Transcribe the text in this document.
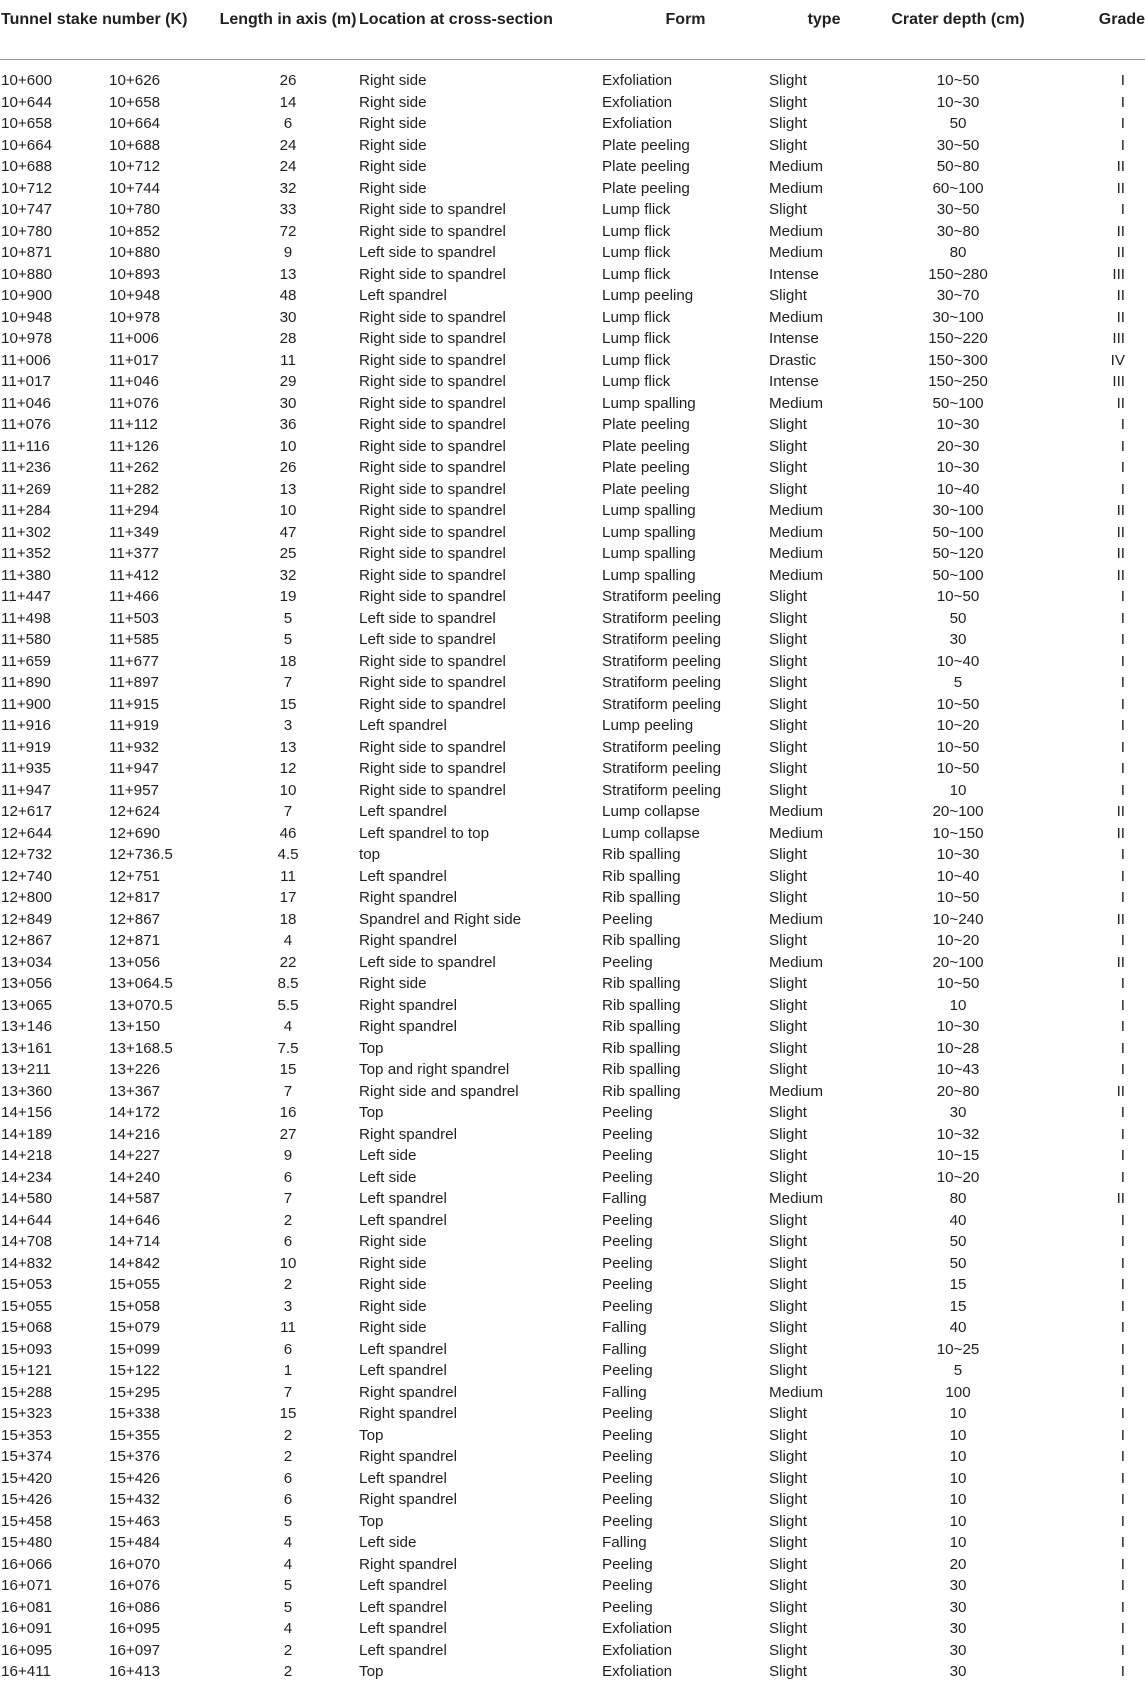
Tunnel stake number (K)		Length in axis (m)	Location at cross-section	Form	type	Crater depth (cm)	Grade
10+600	10+626	26	Right side	Exfoliation	Slight	10~50	I
10+644	10+658	14	Right side	Exfoliation	Slight	10~30	I
10+658	10+664	6	Right side	Exfoliation	Slight	50	I
10+664	10+688	24	Right side	Plate peeling	Slight	30~50	I
10+688	10+712	24	Right side	Plate peeling	Medium	50~80	II
10+712	10+744	32	Right side	Plate peeling	Medium	60~100	II
10+747	10+780	33	Right side to spandrel	Lump flick	Slight	30~50	I
10+780	10+852	72	Right side to spandrel	Lump flick	Medium	30~80	II
10+871	10+880	9	Left side to spandrel	Lump flick	Medium	80	II
10+880	10+893	13	Right side to spandrel	Lump flick	Intense	150~280	III
10+900	10+948	48	Left spandrel	Lump peeling	Slight	30~70	II
10+948	10+978	30	Right side to spandrel	Lump flick	Medium	30~100	II
10+978	11+006	28	Right side to spandrel	Lump flick	Intense	150~220	III
11+006	11+017	11	Right side to spandrel	Lump flick	Drastic	150~300	IV
11+017	11+046	29	Right side to spandrel	Lump flick	Intense	150~250	III
11+046	11+076	30	Right side to spandrel	Lump spalling	Medium	50~100	II
11+076	11+112	36	Right side to spandrel	Plate peeling	Slight	10~30	I
11+116	11+126	10	Right side to spandrel	Plate peeling	Slight	20~30	I
11+236	11+262	26	Right side to spandrel	Plate peeling	Slight	10~30	I
11+269	11+282	13	Right side to spandrel	Plate peeling	Slight	10~40	I
11+284	11+294	10	Right side to spandrel	Lump spalling	Medium	30~100	II
11+302	11+349	47	Right side to spandrel	Lump spalling	Medium	50~100	II
11+352	11+377	25	Right side to spandrel	Lump spalling	Medium	50~120	II
11+380	11+412	32	Right side to spandrel	Lump spalling	Medium	50~100	II
11+447	11+466	19	Right side to spandrel	Stratiform peeling	Slight	10~50	I
11+498	11+503	5	Left side to spandrel	Stratiform peeling	Slight	50	I
11+580	11+585	5	Left side to spandrel	Stratiform peeling	Slight	30	I
11+659	11+677	18	Right side to spandrel	Stratiform peeling	Slight	10~40	I
11+890	11+897	7	Right side to spandrel	Stratiform peeling	Slight	5	I
11+900	11+915	15	Right side to spandrel	Stratiform peeling	Slight	10~50	I
11+916	11+919	3	Left spandrel	Lump peeling	Slight	10~20	I
11+919	11+932	13	Right side to spandrel	Stratiform peeling	Slight	10~50	I
11+935	11+947	12	Right side to spandrel	Stratiform peeling	Slight	10~50	I
11+947	11+957	10	Right side to spandrel	Stratiform peeling	Slight	10	I
12+617	12+624	7	Left spandrel	Lump collapse	Medium	20~100	II
12+644	12+690	46	Left spandrel to top	Lump collapse	Medium	10~150	II
12+732	12+736.5	4.5	top	Rib spalling	Slight	10~30	I
12+740	12+751	11	Left spandrel	Rib spalling	Slight	10~40	I
12+800	12+817	17	Right spandrel	Rib spalling	Slight	10~50	I
12+849	12+867	18	Spandrel and Right side	Peeling	Medium	10~240	II
12+867	12+871	4	Right spandrel	Rib spalling	Slight	10~20	I
13+034	13+056	22	Left side to spandrel	Peeling	Medium	20~100	II
13+056	13+064.5	8.5	Right side	Rib spalling	Slight	10~50	I
13+065	13+070.5	5.5	Right spandrel	Rib spalling	Slight	10	I
13+146	13+150	4	Right spandrel	Rib spalling	Slight	10~30	I
13+161	13+168.5	7.5	Top	Rib spalling	Slight	10~28	I
13+211	13+226	15	Top and right spandrel	Rib spalling	Slight	10~43	I
13+360	13+367	7	Right side and spandrel	Rib spalling	Medium	20~80	II
14+156	14+172	16	Top	Peeling	Slight	30	I
14+189	14+216	27	Right spandrel	Peeling	Slight	10~32	I
14+218	14+227	9	Left side	Peeling	Slight	10~15	I
14+234	14+240	6	Left side	Peeling	Slight	10~20	I
14+580	14+587	7	Left spandrel	Falling	Medium	80	II
14+644	14+646	2	Left spandrel	Peeling	Slight	40	I
14+708	14+714	6	Right side	Peeling	Slight	50	I
14+832	14+842	10	Right side	Peeling	Slight	50	I
15+053	15+055	2	Right side	Peeling	Slight	15	I
15+055	15+058	3	Right side	Peeling	Slight	15	I
15+068	15+079	11	Right side	Falling	Slight	40	I
15+093	15+099	6	Left spandrel	Falling	Slight	10~25	I
15+121	15+122	1	Left spandrel	Peeling	Slight	5	I
15+288	15+295	7	Right spandrel	Falling	Medium	100	I
15+323	15+338	15	Right spandrel	Peeling	Slight	10	I
15+353	15+355	2	Top	Peeling	Slight	10	I
15+374	15+376	2	Right spandrel	Peeling	Slight	10	I
15+420	15+426	6	Left spandrel	Peeling	Slight	10	I
15+426	15+432	6	Right spandrel	Peeling	Slight	10	I
15+458	15+463	5	Top	Peeling	Slight	10	I
15+480	15+484	4	Left side	Falling	Slight	10	I
16+066	16+070	4	Right spandrel	Peeling	Slight	20	I
16+071	16+076	5	Left spandrel	Peeling	Slight	30	I
16+081	16+086	5	Left spandrel	Peeling	Slight	30	I
16+091	16+095	4	Left spandrel	Exfoliation	Slight	30	I
16+095	16+097	2	Left spandrel	Exfoliation	Slight	30	I
16+411	16+413	2	Top	Exfoliation	Slight	30	I
